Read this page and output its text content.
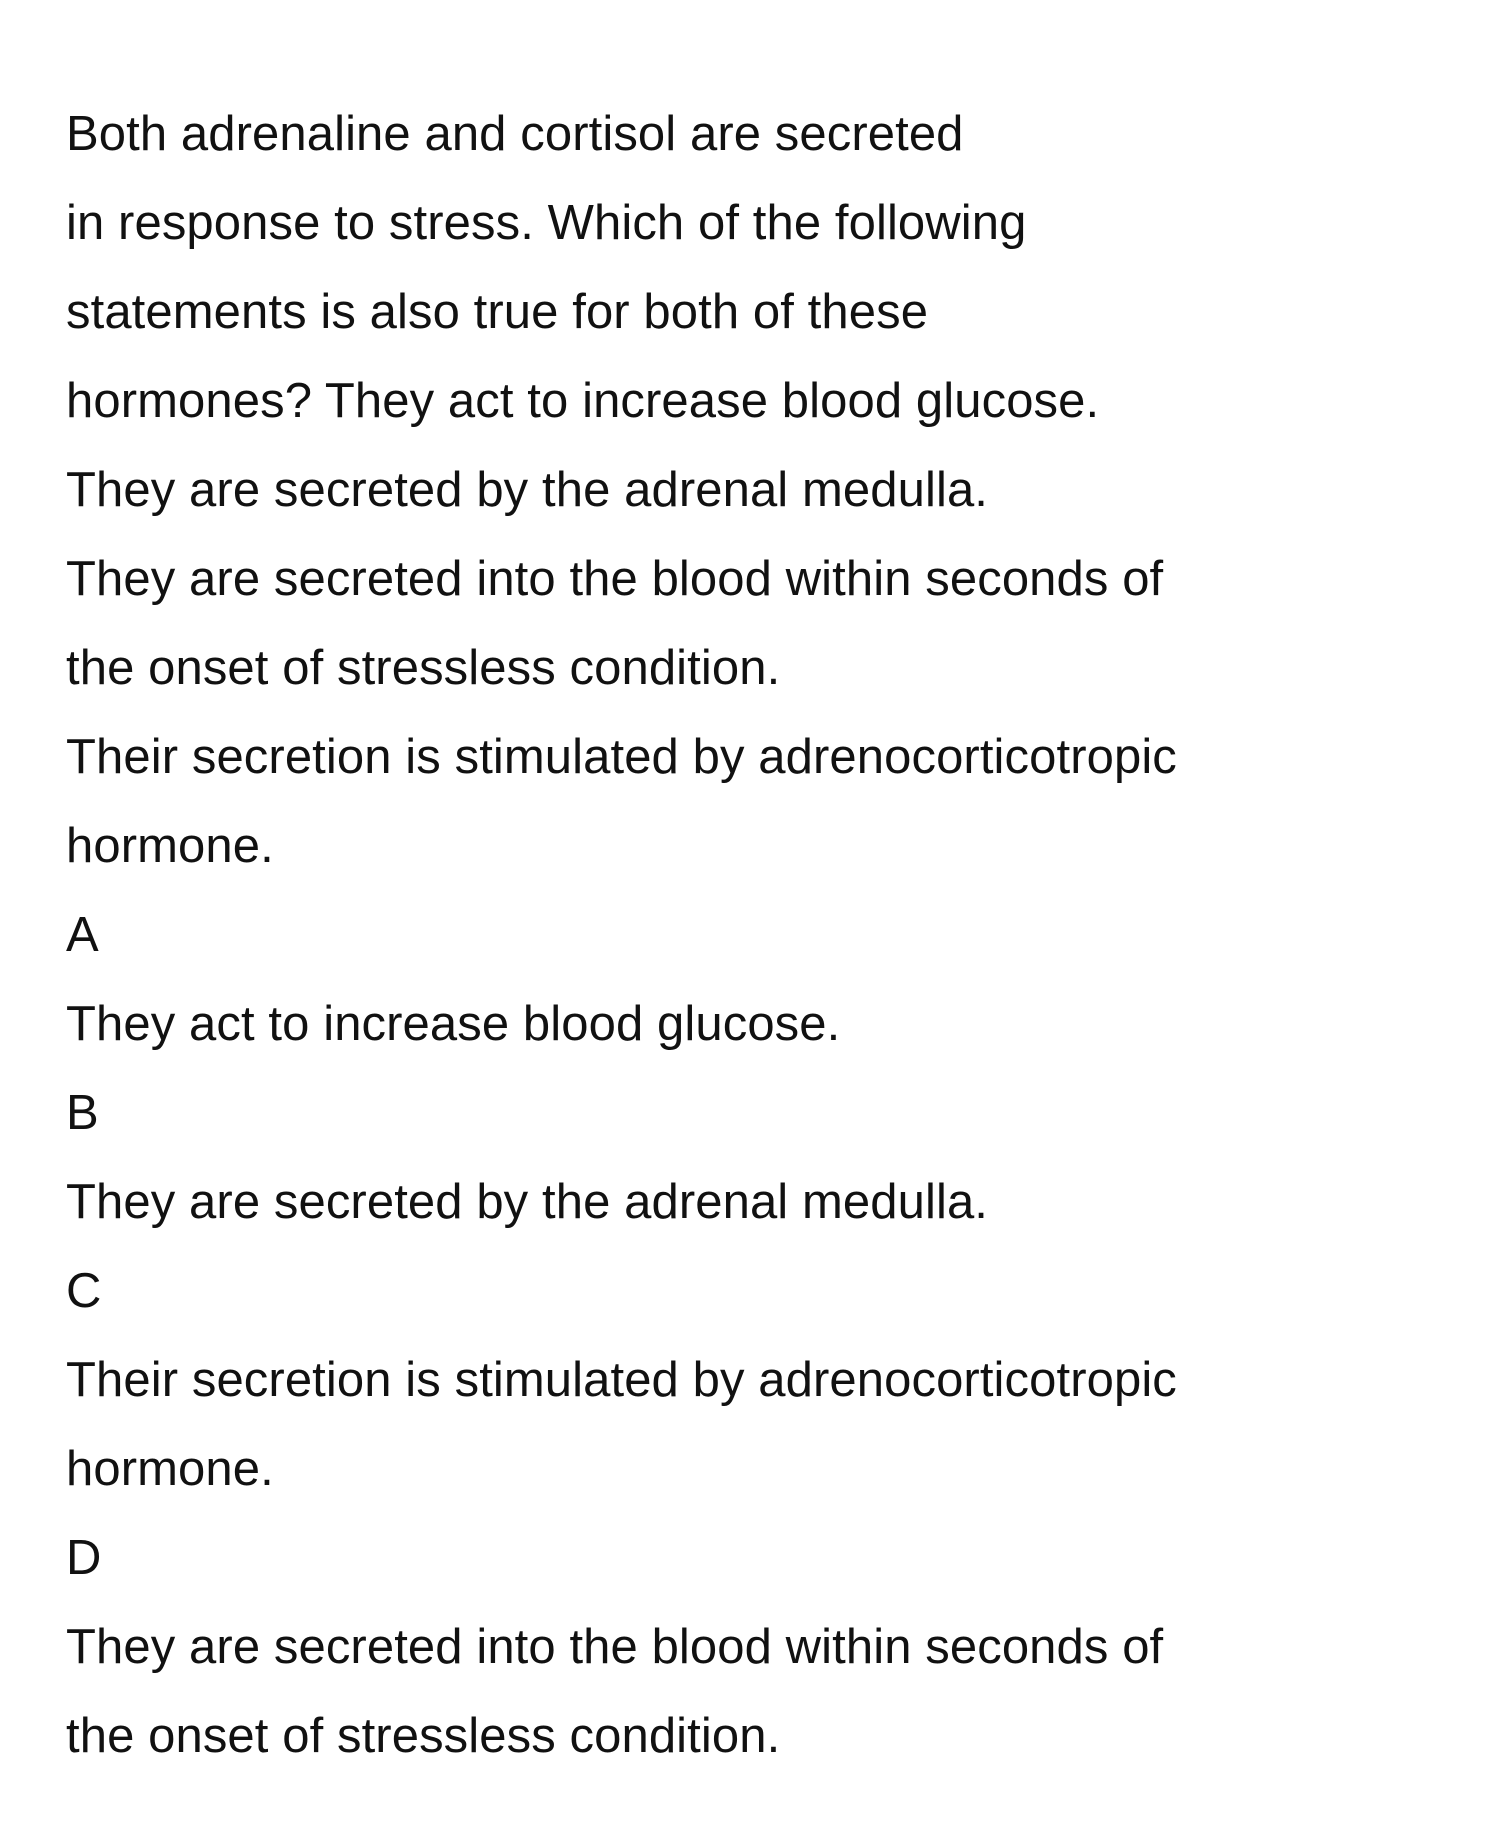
Both adrenaline and cortisol are secreted
in response to stress. Which of the following
statements is also true for both of these
hormones? They act to increase blood glucose.
They are secreted by the adrenal medulla.
They are secreted into the blood within seconds of
the onset of stressless condition.
Their secretion is stimulated by adrenocorticotropic
hormone.
A
They act to increase blood glucose.
B
They are secreted by the adrenal medulla.
C
Their secretion is stimulated by adrenocorticotropic
hormone.
D
They are secreted into the blood within seconds of
the onset of stressless condition.
